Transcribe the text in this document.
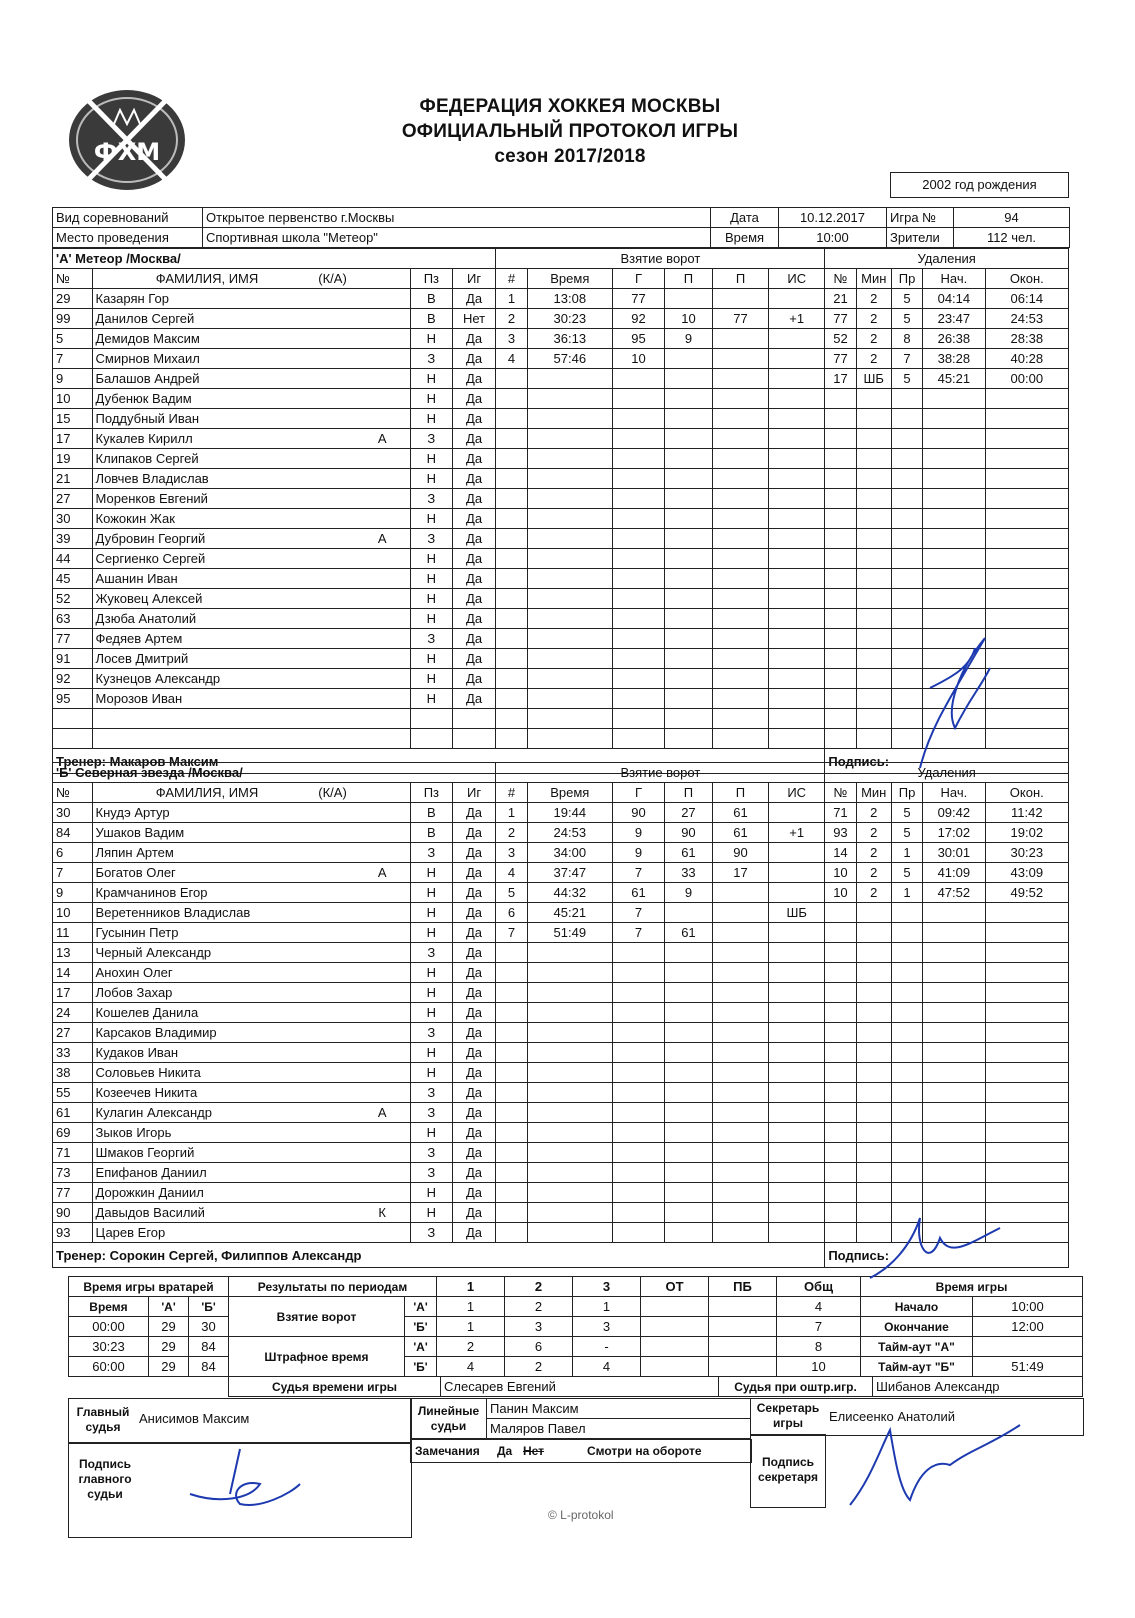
ФХМ
ФЕДЕРАЦИЯ ХОККЕЯ МОСКВЫ
ОФИЦИАЛЬНЫЙ ПРОТОКОЛ ИГРЫ
сезон 2017/2018
2002 год рождения
Вид соревнований	Открытое первенство г.Москвы	Дата	10.12.2017	Игра №	94
Место проведения	Спортивная школа "Метеор"	Время	10:00	Зрители	112 чел.
'А' Метеор /Москва/					Взятие ворот						Удаления				
№	ФАМИЛИЯ, ИМЯ (К/А)		Пз	Иг	#	Время	Г	П	П	ИС	№	Мин	Пр	Нач.	Окон.
29	Казарян Гор		В	Да	1	13:08	77				21	2	5	04:14	06:14
99	Данилов Сергей		В	Нет	2	30:23	92	10	77	+1	77	2	5	23:47	24:53
5	Демидов Максим		Н	Да	3	36:13	95	9			52	2	8	26:38	28:38
7	Смирнов Михаил		З	Да	4	57:46	10				77	2	7	38:28	40:28
9	Балашов Андрей		Н	Да							17	ШБ	5	45:21	00:00
10	Дубенюк Вадим		Н	Да											
15	Поддубный Иван		Н	Да											
17	Кукалев Кирилл	А	З	Да											
19	Клипаков Сергей		Н	Да											
21	Ловчев Владислав		Н	Да											
27	Моренков Евгений		З	Да											
30	Кожокин Жак		Н	Да											
39	Дубровин Георгий	А	З	Да											
44	Сергиенко Сергей		Н	Да											
45	Ашанин Иван		Н	Да											
52	Жуковец Алексей		Н	Да											
63	Дзюба Анатолий		Н	Да											
77	Федяев Артем		З	Да											
91	Лосев Дмитрий		Н	Да											
92	Кузнецов Александр		Н	Да											
95	Морозов Иван		Н	Да											

Тренер: Макаров Максим											Подпись:				
'Б' Северная звезда /Москва/					Взятие ворот						Удаления				
№	ФАМИЛИЯ, ИМЯ (К/А)		Пз	Иг	#	Время	Г	П	П	ИС	№	Мин	Пр	Нач.	Окон.
30	Кнудэ Артур		В	Да	1	19:44	90	27	61		71	2	5	09:42	11:42
84	Ушаков Вадим		В	Да	2	24:53	9	90	61	+1	93	2	5	17:02	19:02
6	Ляпин Артем		З	Да	3	34:00	9	61	90		14	2	1	30:01	30:23
7	Богатов Олег	А	Н	Да	4	37:47	7	33	17		10	2	5	41:09	43:09
9	Крамчанинов Егор		Н	Да	5	44:32	61	9			10	2	1	47:52	49:52
10	Веретенников Владислав		Н	Да	6	45:21	7			ШБ					
11	Гусынин Петр		Н	Да	7	51:49	7	61							
13	Черный Александр		З	Да											
14	Анохин Олег		Н	Да											
17	Лобов Захар		Н	Да											
24	Кошелев Данила		Н	Да											
27	Карсаков Владимир		З	Да											
33	Кудаков Иван		Н	Да											
38	Соловьев Никита		Н	Да											
55	Козеечев Никита		З	Да											
61	Кулагин Александр	А	З	Да											
69	Зыков Игорь		Н	Да											
71	Шмаков Георгий		З	Да											
73	Епифанов Даниил		З	Да											
77	Дорожкин Даниил		Н	Да											
90	Давыдов Василий	К	Н	Да											
93	Царев Егор		З	Да											
Тренер: Сорокин Сергей, Филиппов Александр											Подпись:				
Время игры вратарей		
Время	'А'	'Б'
00:00	29	30
30:23	29	84
60:00	29	84
Результаты по периодам		1	2	3	ОТ	ПБ	Общ
Взятие ворот	'А'	1	2	1			4
	'Б'	1	3	3			7
Штрафное время	'А'	2	6	-			8
	'Б'	4	2	4			10
Время игры	
Начало	10:00
Окончание	12:00
Тайм-аут "А"	
Тайм-аут "Б"	51:49
Судья времени игры	Слесарев Евгений	Судья при оштр.игр.	Шибанов Александр
Главный судья
Анисимов Максим
Подпись главного судьи
Линейные судьи	Панин Максим
Маляров Павел
Замечания Да Нет	Смотри на обороте
Секретарь игры	Елисеенко Анатолий
Подпись секретаря
© L-protokol
